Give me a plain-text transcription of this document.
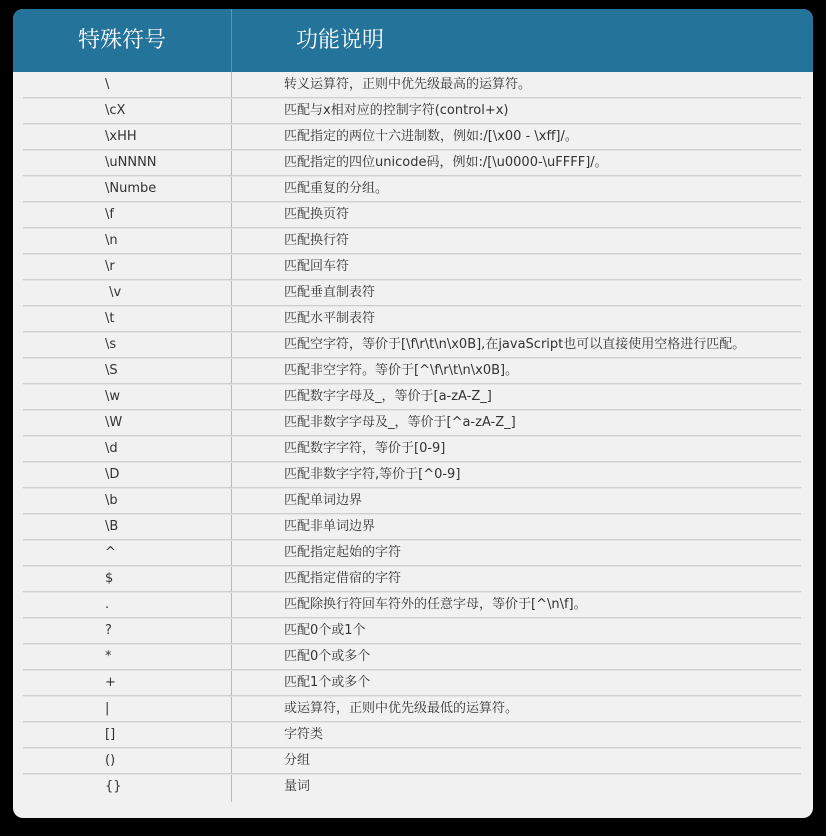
特殊符号	功能说明
\	转义运算符，正则中优先级最高的运算符。
\cX	匹配与x相对应的控制字符(control+x)
\xHH	匹配指定的两位十六进制数，例如:/[\x00 - \xff]/。
\uNNNN	匹配指定的四位unicode码，例如:/[\u0000-\uFFFF]/。
\Numbe	匹配重复的分组。
\f	匹配换页符
\n	匹配换行符
\r	匹配回车符
\v	匹配垂直制表符
\t	匹配水平制表符
\s	匹配空字符，等价于[\f\r\t\n\x0B],在javaScript也可以直接使用空格进行匹配。
\S	匹配非空字符。等价于[^\f\r\t\n\x0B]。
\w	匹配数字字母及_，等价于[a-zA-Z_]
\W	匹配非数字字母及_，等价于[^a-zA-Z_]
\d	匹配数字字符，等价于[0-9]
\D	匹配非数字字符,等价于[^0-9]
\b	匹配单词边界
\B	匹配非单词边界
^	匹配指定起始的字符
$	匹配指定借宿的字符
.	匹配除换行符回车符外的任意字母，等价于[^\n\f]。
?	匹配0个或1个
*	匹配0个或多个
+	匹配1个或多个
|	或运算符，正则中优先级最低的运算符。
[]	字符类
()	分组
{}	量词
